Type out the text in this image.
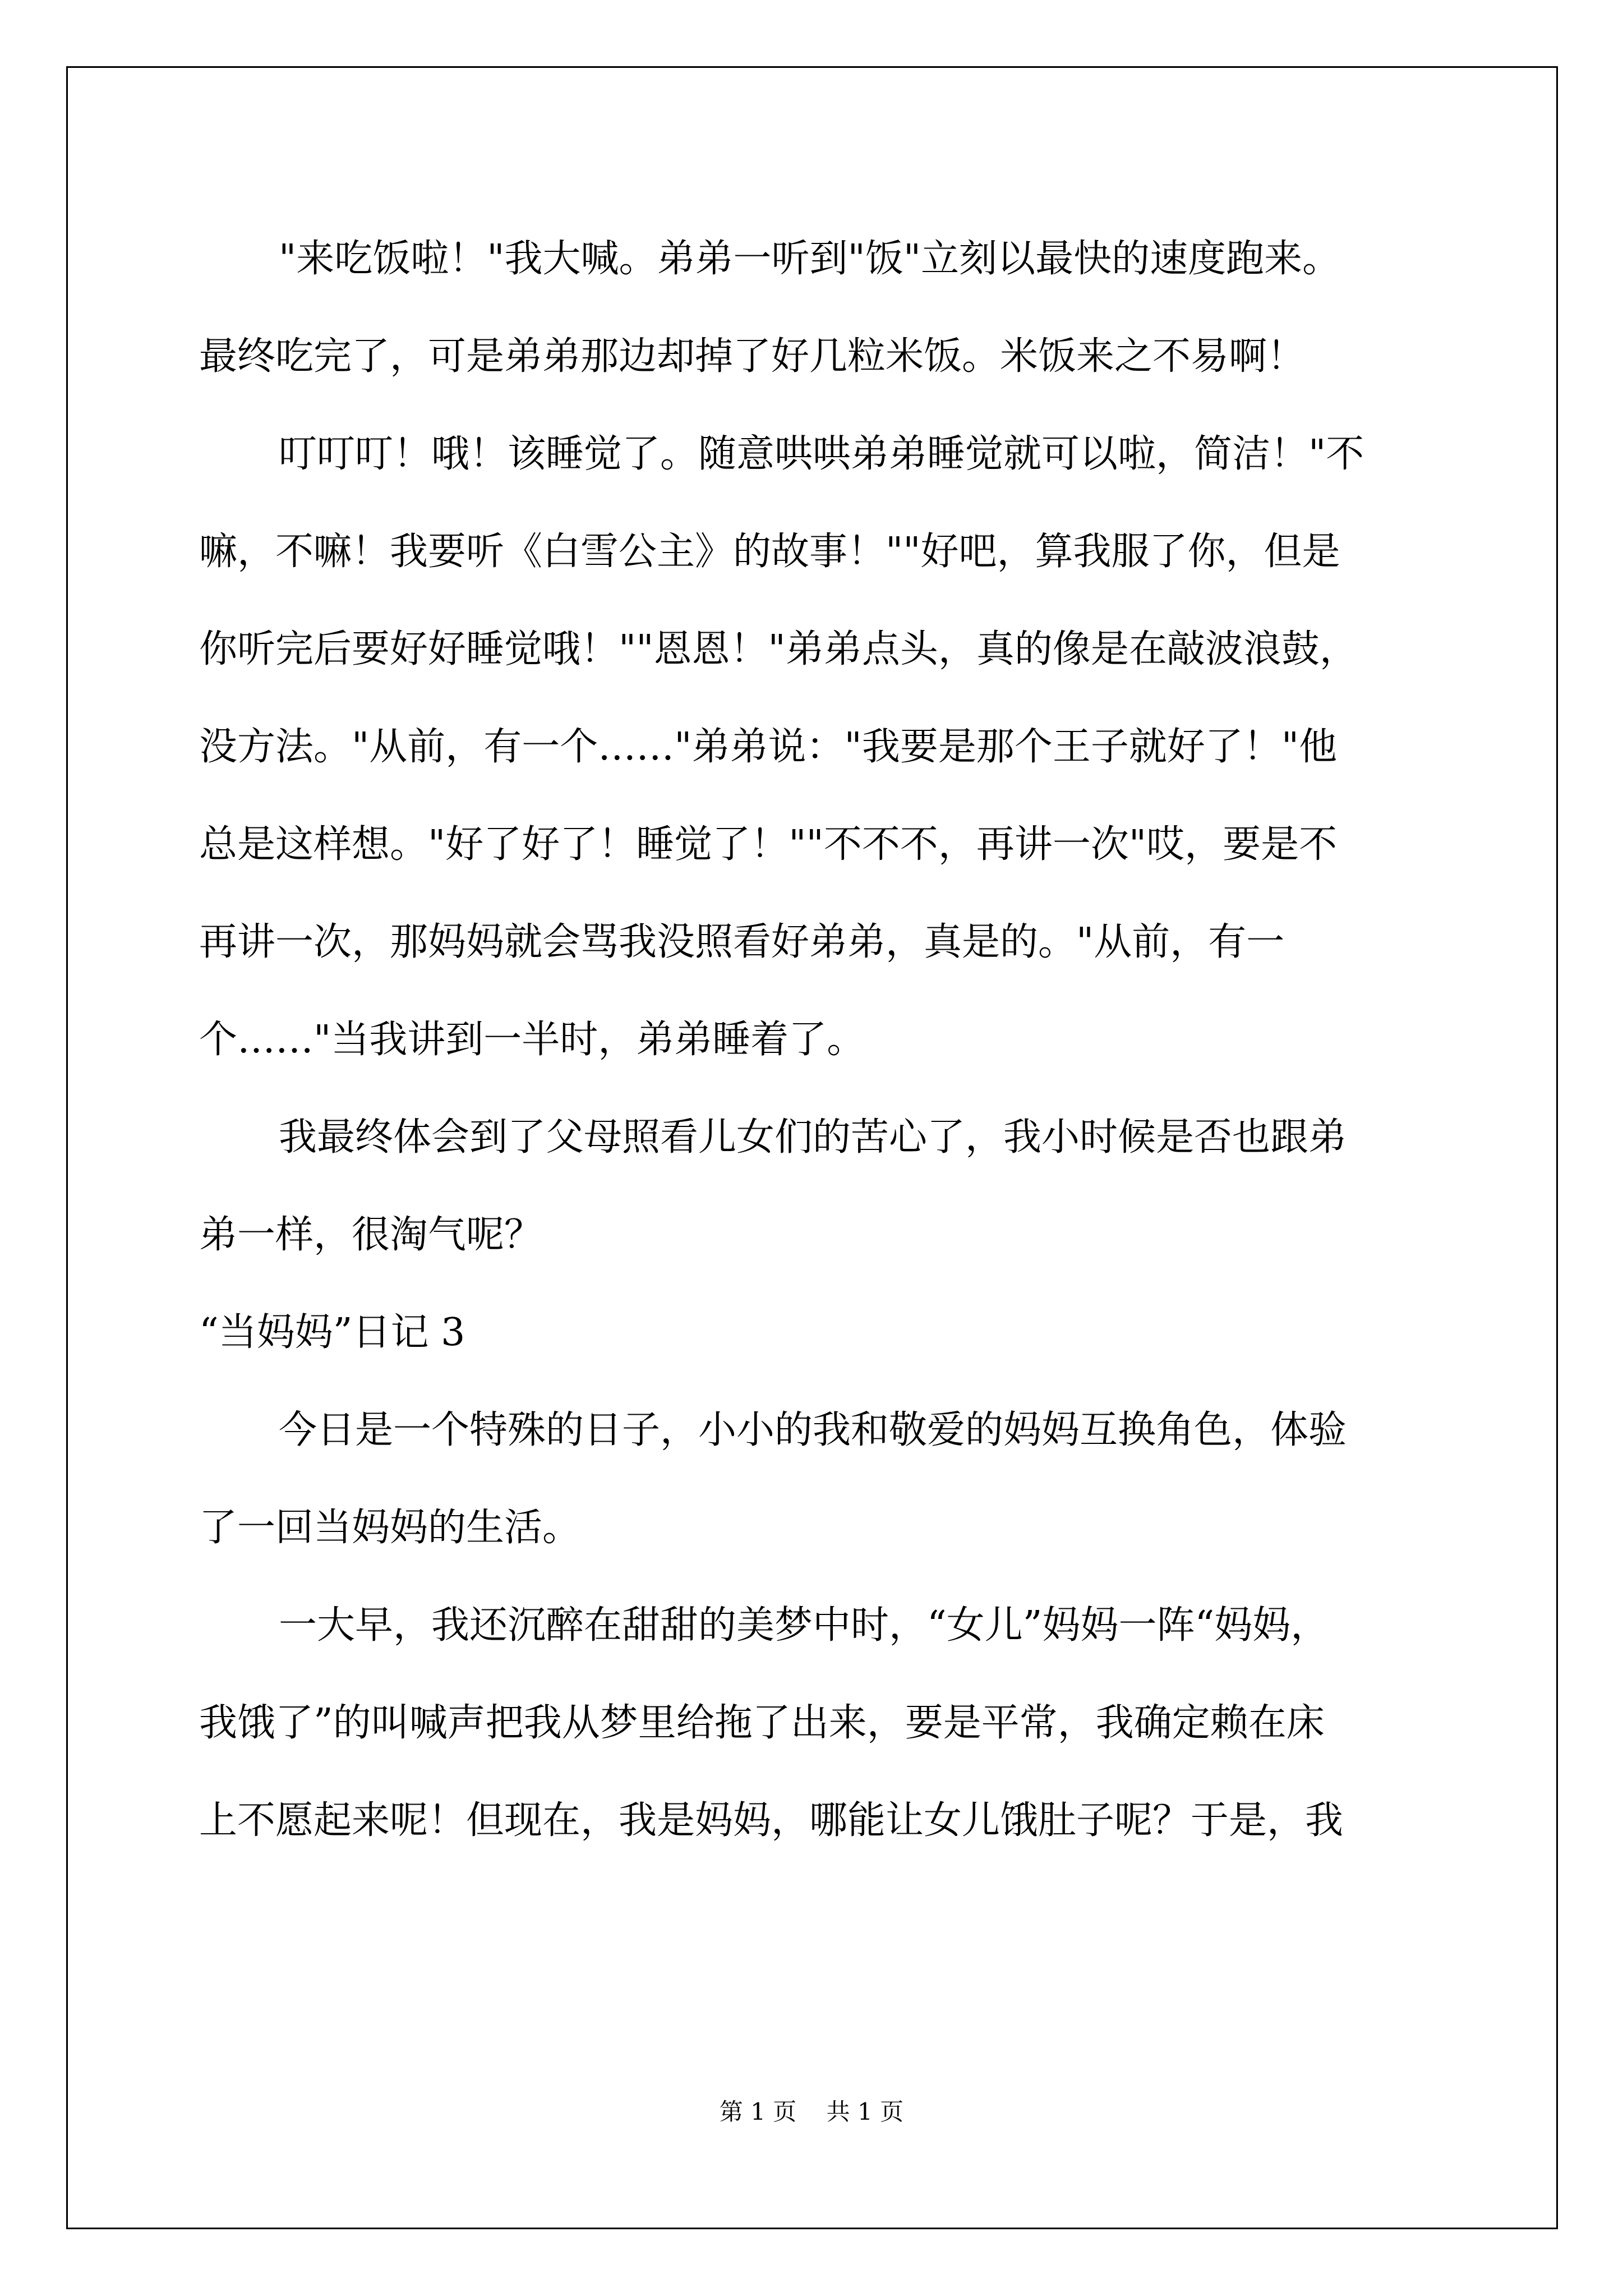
"来吃饭啦！"我大喊。弟弟一听到"饭"立刻以最快的速度跑来。
最终吃完了，可是弟弟那边却掉了好几粒米饭。米饭来之不易啊！
叮叮叮！哦！该睡觉了。随意哄哄弟弟睡觉就可以啦，简洁！"不
嘛，不嘛！我要听《白雪公主》的故事！""好吧，算我服了你，但是
你听完后要好好睡觉哦！""恩恩！"弟弟点头，真的像是在敲波浪鼓，
没方法。"从前，有一个……"弟弟说："我要是那个王子就好了！"他
总是这样想。"好了好了！睡觉了！""不不不，再讲一次"哎，要是不
再讲一次，那妈妈就会骂我没照看好弟弟，真是的。"从前，有一
个……"当我讲到一半时，弟弟睡着了。
我最终体会到了父母照看儿女们的苦心了，我小时候是否也跟弟
弟一样，很淘气呢？
“当妈妈”日记 3
今日是一个特殊的日子，小小的我和敬爱的妈妈互换角色，体验
了一回当妈妈的生活。
一大早，我还沉醉在甜甜的美梦中时，“女儿”妈妈一阵“妈妈，
我饿了”的叫喊声把我从梦里给拖了出来，要是平常，我确定赖在床
上不愿起来呢！但现在，我是妈妈，哪能让女儿饿肚子呢？于是，我
第 1 页 共 1 页
